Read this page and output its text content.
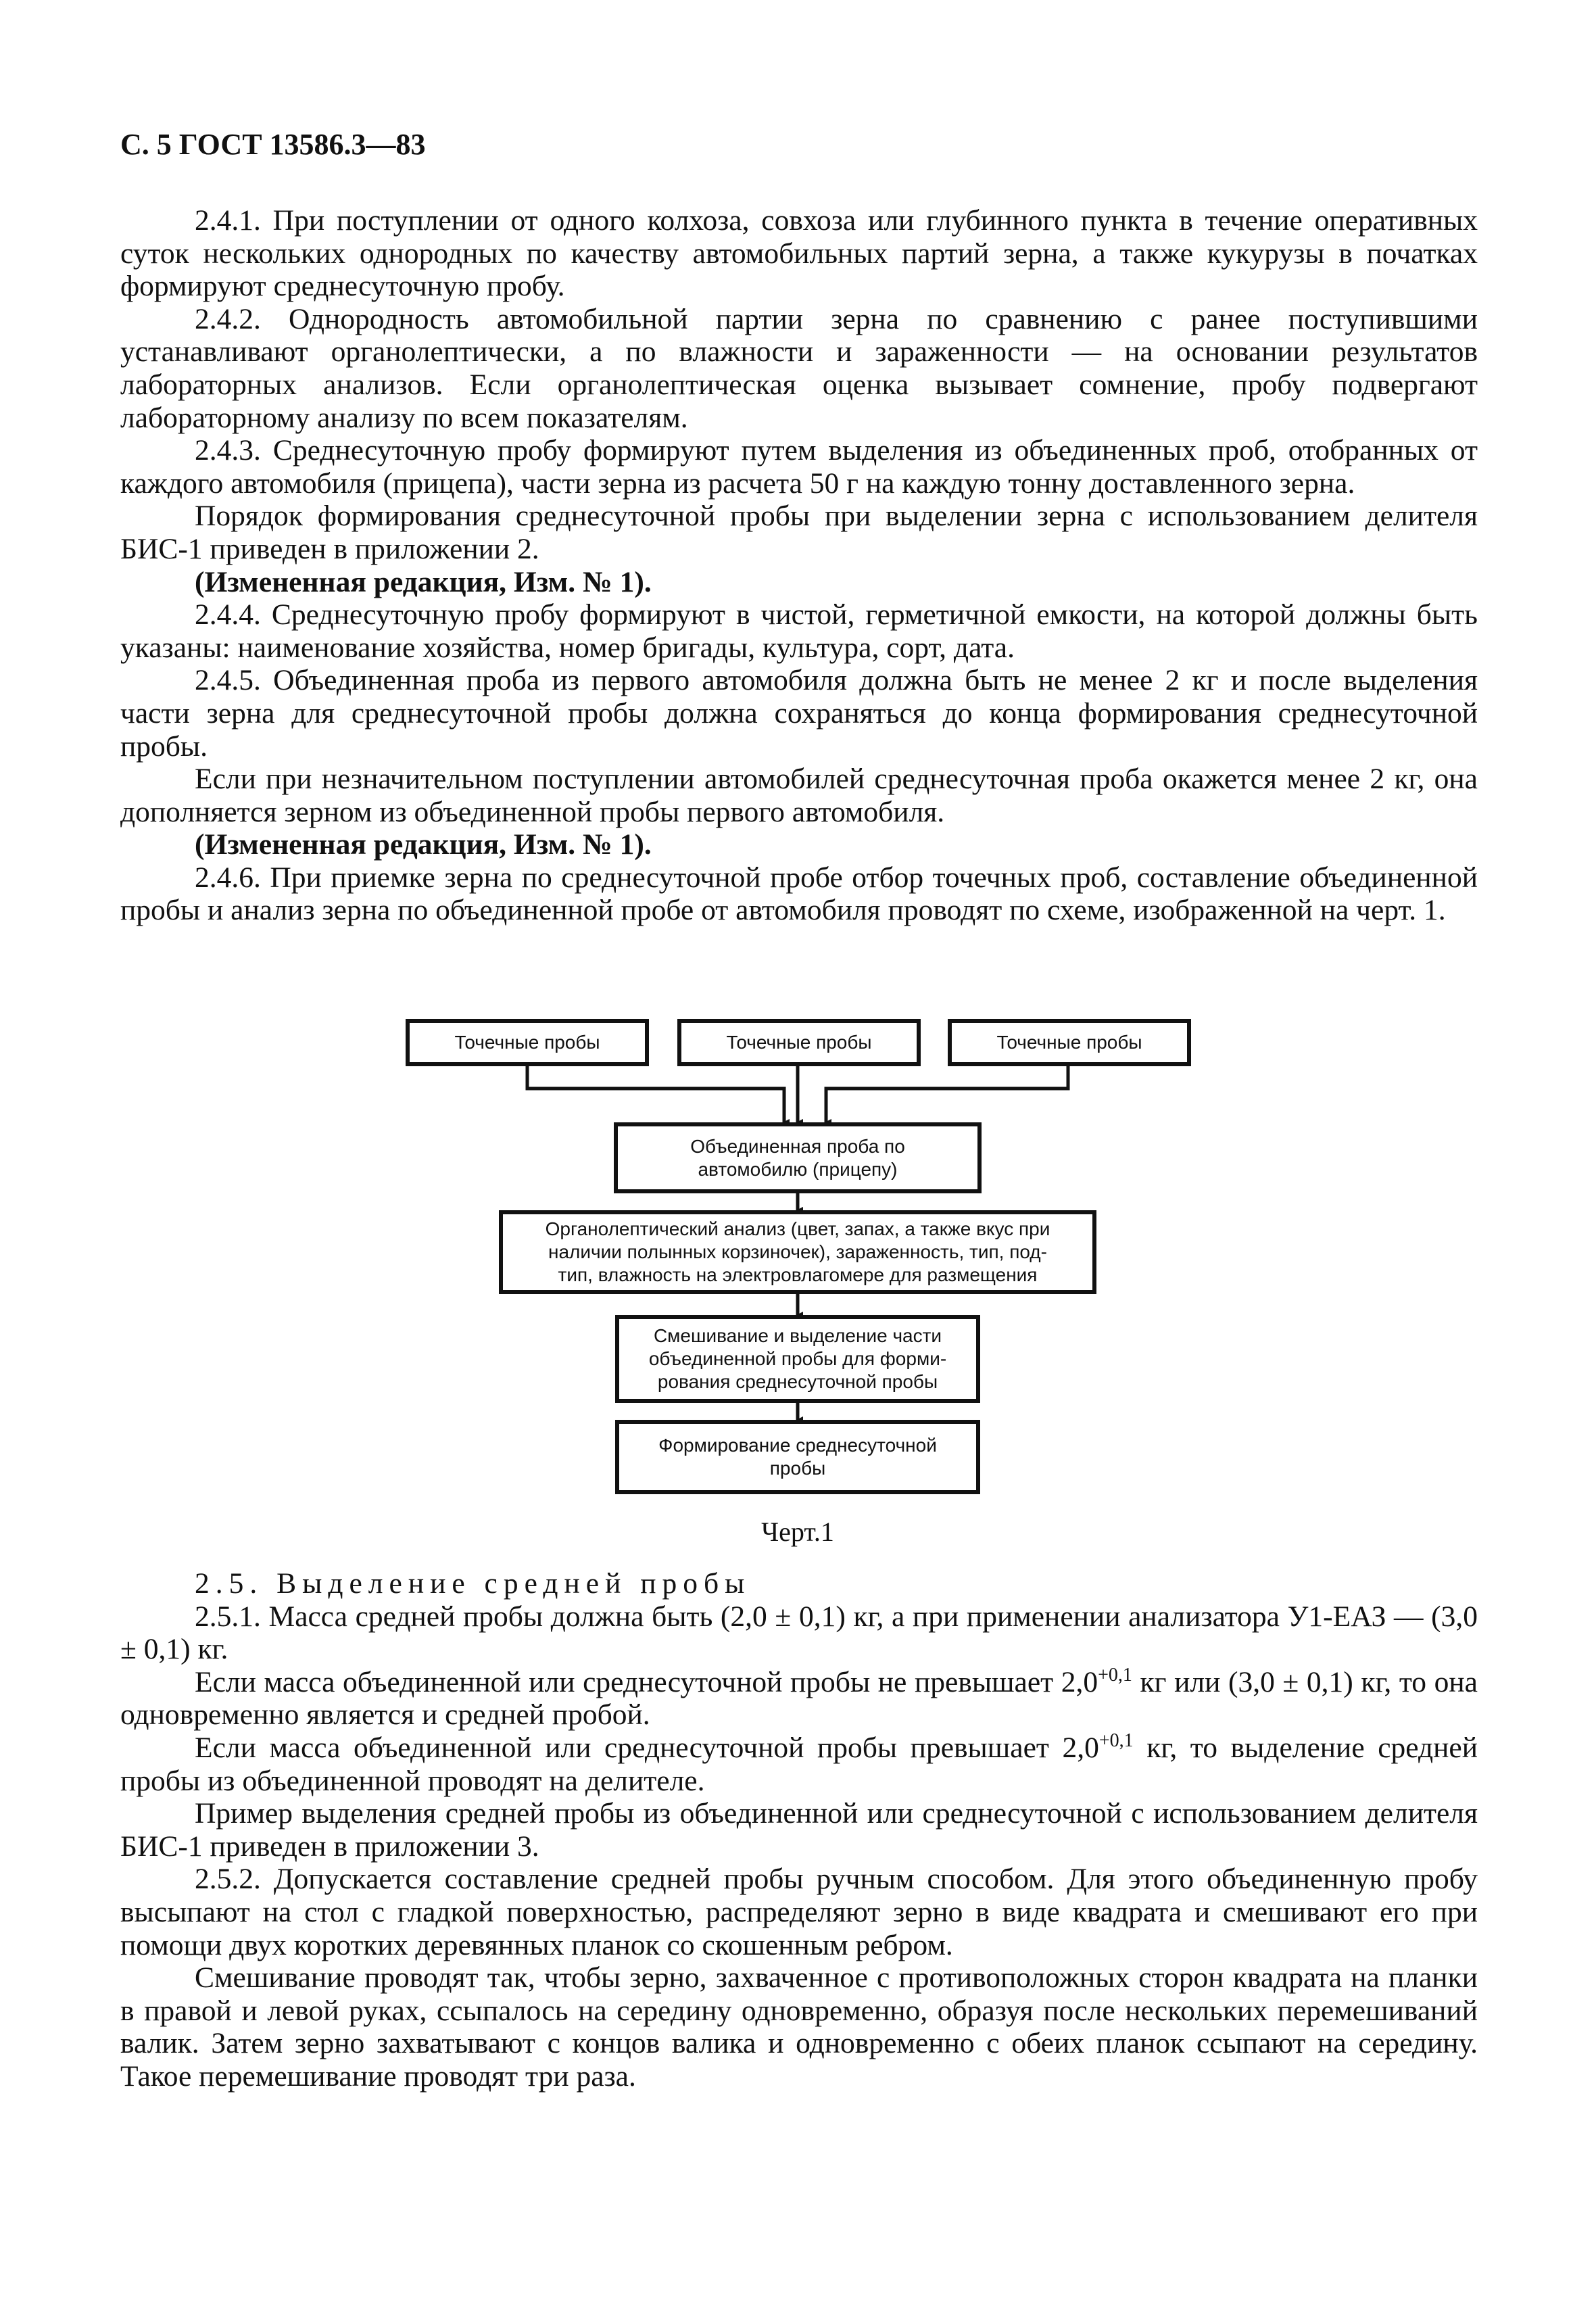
С. 5 ГОСТ 13586.3—83

2.4.1. При поступлении от одного колхоза, совхоза или глубинного пункта в течение оперативных суток нескольких однородных по качеству автомобильных партий зерна, а также кукурузы в початках формируют среднесуточную пробу.

2.4.2. Однородность автомобильной партии зерна по сравнению с ранее поступившими устанавливают органолептически, а по влажности и зараженности — на основании результатов лабораторных анализов. Если органолептическая оценка вызывает сомнение, пробу подвергают лабораторному анализу по всем показателям.

2.4.3. Среднесуточную пробу формируют путем выделения из объединенных проб, отобранных от каждого автомобиля (прицепа), части зерна из расчета 50 г на каждую тонну доставленного зерна.

Порядок формирования среднесуточной пробы при выделении зерна с использованием делителя БИС-1 приведен в приложении 2.

(Измененная редакция, Изм. № 1).

2.4.4. Среднесуточную пробу формируют в чистой, герметичной емкости, на которой должны быть указаны: наименование хозяйства, номер бригады, культура, сорт, дата.

2.4.5. Объединенная проба из первого автомобиля должна быть не менее 2 кг и после выделения части зерна для среднесуточной пробы должна сохраняться до конца формирования среднесуточной пробы.

Если при незначительном поступлении автомобилей среднесуточная проба окажется менее 2 кг, она дополняется зерном из объединенной пробы первого автомобиля.

(Измененная редакция, Изм. № 1).

2.4.6. При приемке зерна по среднесуточной пробе отбор точечных проб, составление объединенной пробы и анализ зерна по объединенной пробе от автомобиля проводят по схеме, изображенной на черт. 1.

Точечные пробы	Точечные пробы	Точечные пробы
Объединенная проба по
автомобилю (прицепу)
Органолептический анализ (цвет, запах, а также вкус при
наличии полынных корзиночек), зараженность, тип, под-
тип, влажность на электровлагомере для размещения
Смешивание и выделение части
объединенной пробы для форми-
рования среднесуточной пробы
Формирование среднесуточной
пробы
Черт.1

2.5. Выделение средней пробы

2.5.1. Масса средней пробы должна быть (2,0 ± 0,1) кг, а при применении анализатора У1-ЕАЗ — (3,0 ± 0,1) кг.

Если масса объединенной или среднесуточной пробы не превышает $2,0^{+0,1}$ кг или (3,0 ± 0,1) кг, то она одновременно является и средней пробой.

Если масса объединенной или среднесуточной пробы превышает $2,0^{+0,1}$ кг, то выделение средней пробы из объединенной проводят на делителе.

Пример выделения средней пробы из объединенной или среднесуточной с использованием делителя БИС-1 приведен в приложении 3.

2.5.2. Допускается составление средней пробы ручным способом. Для этого объединенную пробу высыпают на стол с гладкой поверхностью, распределяют зерно в виде квадрата и смешивают его при помощи двух коротких деревянных планок со скошенным ребром.

Смешивание проводят так, чтобы зерно, захваченное с противоположных сторон квадрата на планки в правой и левой руках, ссыпалось на середину одновременно, образуя после нескольких перемешиваний валик. Затем зерно захватывают с концов валика и одновременно с обеих планок ссыпают на середину. Такое перемешивание проводят три раза.
